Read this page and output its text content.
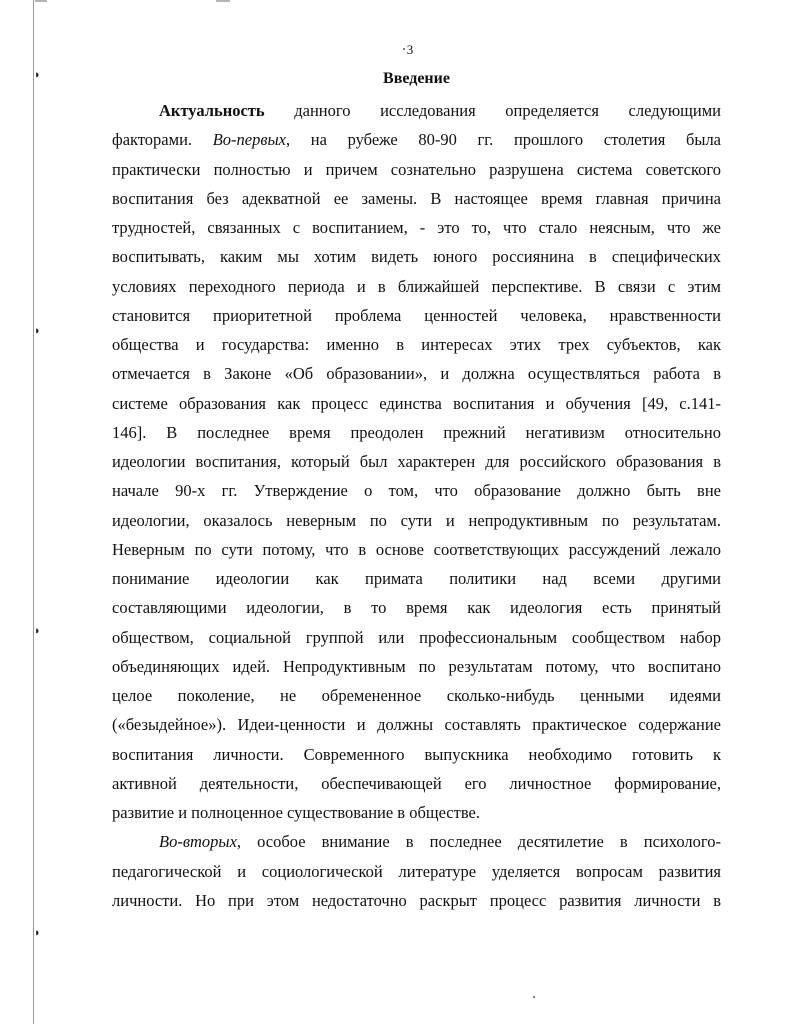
◗
◗
◗
◗
3
Введение
Актуальность данного исследования определяется следующими
факторами. Во-первых, на рубеже 80-90 гг. прошлого столетия была
практически полностью и причем сознательно разрушена система советского
воспитания без адекватной ее замены. В настоящее время главная причина
трудностей, связанных с воспитанием, - это то, что стало неясным, что же
воспитывать, каким мы хотим видеть юного россиянина в специфических
условиях переходного периода и в ближайшей перспективе. В связи с этим
становится приоритетной проблема ценностей человека, нравственности
общества и государства: именно в интересах этих трех субъектов, как
отмечается в Законе «Об образовании», и должна осуществляться работа в
системе образования как процесс единства воспитания и обучения [49, с.141-
146]. В последнее время преодолен прежний негативизм относительно
идеологии воспитания, который был характерен для российского образования в
начале 90-х гг. Утверждение о том, что образование должно быть вне
идеологии, оказалось неверным по сути и непродуктивным по результатам.
Неверным по сути потому, что в основе соответствующих рассуждений лежало
понимание идеологии как примата политики над всеми другими
составляющими идеологии, в то время как идеология есть принятый
обществом, социальной группой или профессиональным сообществом набор
объединяющих идей. Непродуктивным по результатам потому, что воспитано
целое поколение, не обремененное сколько-нибудь ценными идеями
(«безыдейное»). Идеи-ценности и должны составлять практическое содержание
воспитания личности. Современного выпускника необходимо готовить к
активной деятельности, обеспечивающей его личностное формирование,
развитие и полноценное существование в обществе.
Во-вторых, особое внимание в последнее десятилетие в психолого-
педагогической и социологической литературе уделяется вопросам развития
личности. Но при этом недостаточно раскрыт процесс развития личности в
